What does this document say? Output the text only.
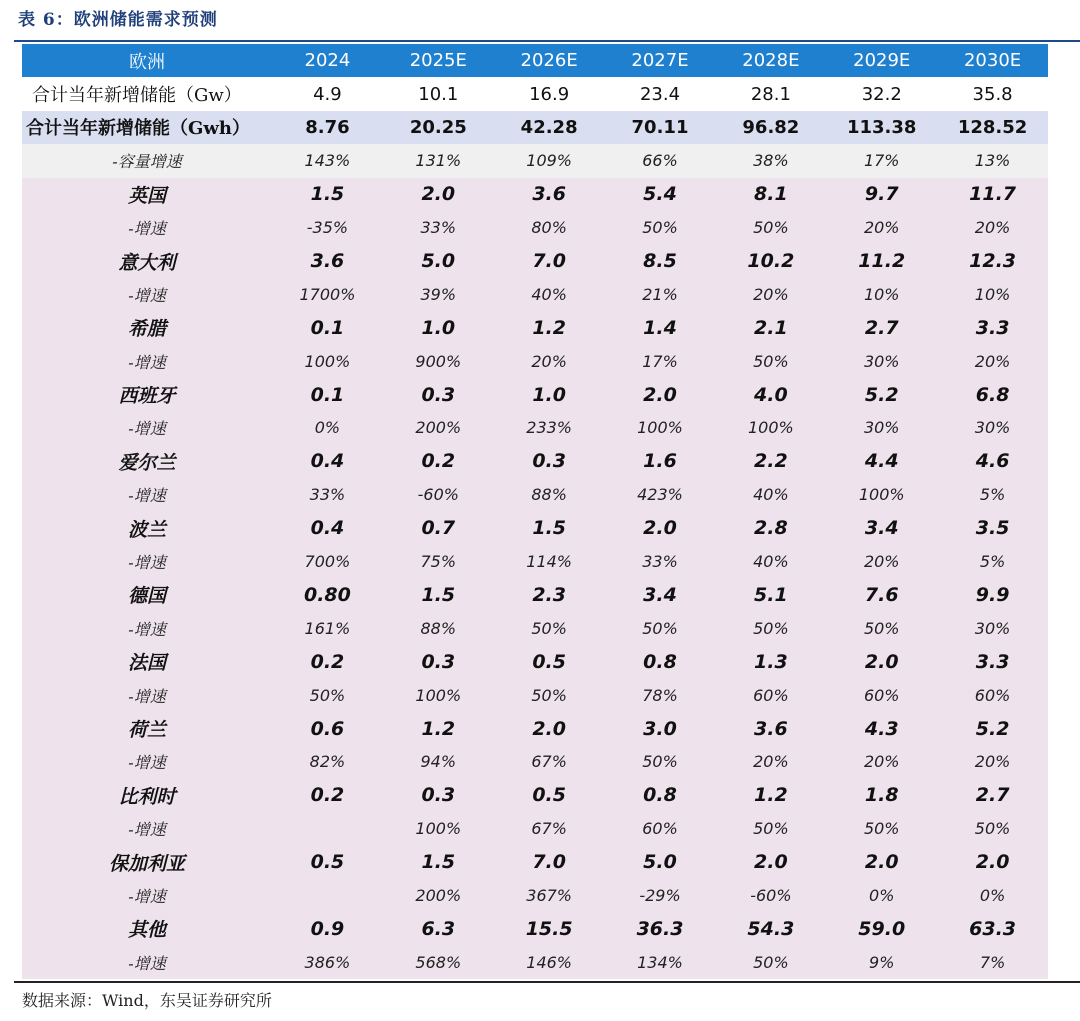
表 6：欧洲储能需求预测
欧洲	2024	2025E	2026E	2027E	2028E	2029E	2030E
合计当年新增储能（Gw）	4.9	10.1	16.9	23.4	28.1	32.2	35.8
合计当年新增储能（Gwh）	8.76	20.25	42.28	70.11	96.82	113.38	128.52
-容量增速	143%	131%	109%	66%	38%	17%	13%
英国	1.5	2.0	3.6	5.4	8.1	9.7	11.7
-增速	-35%	33%	80%	50%	50%	20%	20%
意大利	3.6	5.0	7.0	8.5	10.2	11.2	12.3
-增速	1700%	39%	40%	21%	20%	10%	10%
希腊	0.1	1.0	1.2	1.4	2.1	2.7	3.3
-增速	100%	900%	20%	17%	50%	30%	20%
西班牙	0.1	0.3	1.0	2.0	4.0	5.2	6.8
-增速	0%	200%	233%	100%	100%	30%	30%
爱尔兰	0.4	0.2	0.3	1.6	2.2	4.4	4.6
-增速	33%	-60%	88%	423%	40%	100%	5%
波兰	0.4	0.7	1.5	2.0	2.8	3.4	3.5
-增速	700%	75%	114%	33%	40%	20%	5%
德国	0.80	1.5	2.3	3.4	5.1	7.6	9.9
-增速	161%	88%	50%	50%	50%	50%	30%
法国	0.2	0.3	0.5	0.8	1.3	2.0	3.3
-增速	50%	100%	50%	78%	60%	60%	60%
荷兰	0.6	1.2	2.0	3.0	3.6	4.3	5.2
-增速	82%	94%	67%	50%	20%	20%	20%
比利时	0.2	0.3	0.5	0.8	1.2	1.8	2.7
-增速		100%	67%	60%	50%	50%	50%
保加利亚	0.5	1.5	7.0	5.0	2.0	2.0	2.0
-增速		200%	367%	-29%	-60%	0%	0%
其他	0.9	6.3	15.5	36.3	54.3	59.0	63.3
-增速	386%	568%	146%	134%	50%	9%	7%
数据来源：Wind，东吴证券研究所
